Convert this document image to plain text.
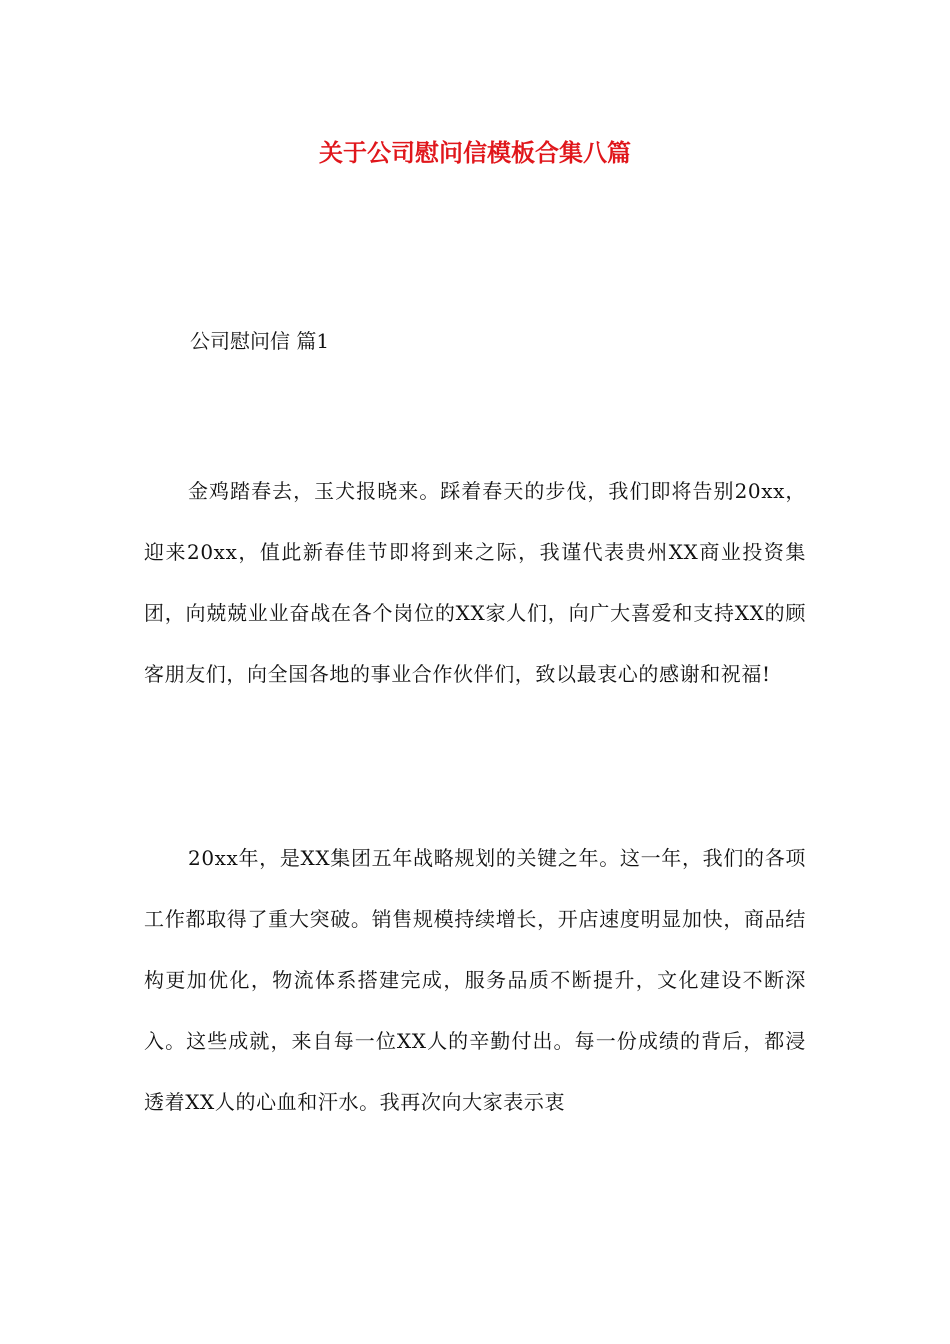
关于公司慰问信模板合集八篇

公司慰问信 篇1

金鸡踏春去，玉犬报晓来。踩着春天的步伐，我们即将告别20xx，迎来20xx，值此新春佳节即将到来之际，我谨代表贵州XX商业投资集团，向兢兢业业奋战在各个岗位的XX家人们，向广大喜爱和支持XX的顾客朋友们，向全国各地的事业合作伙伴们，致以最衷心的感谢和祝福!

20xx年，是XX集团五年战略规划的关键之年。这一年，我们的各项工作都取得了重大突破。销售规模持续增长，开店速度明显加快，商品结构更加优化，物流体系搭建完成，服务品质不断提升，文化建设不断深入。这些成就，来自每一位XX人的辛勤付出。每一份成绩的背后，都浸透着XX人的心血和汗水。我再次向大家表示衷
